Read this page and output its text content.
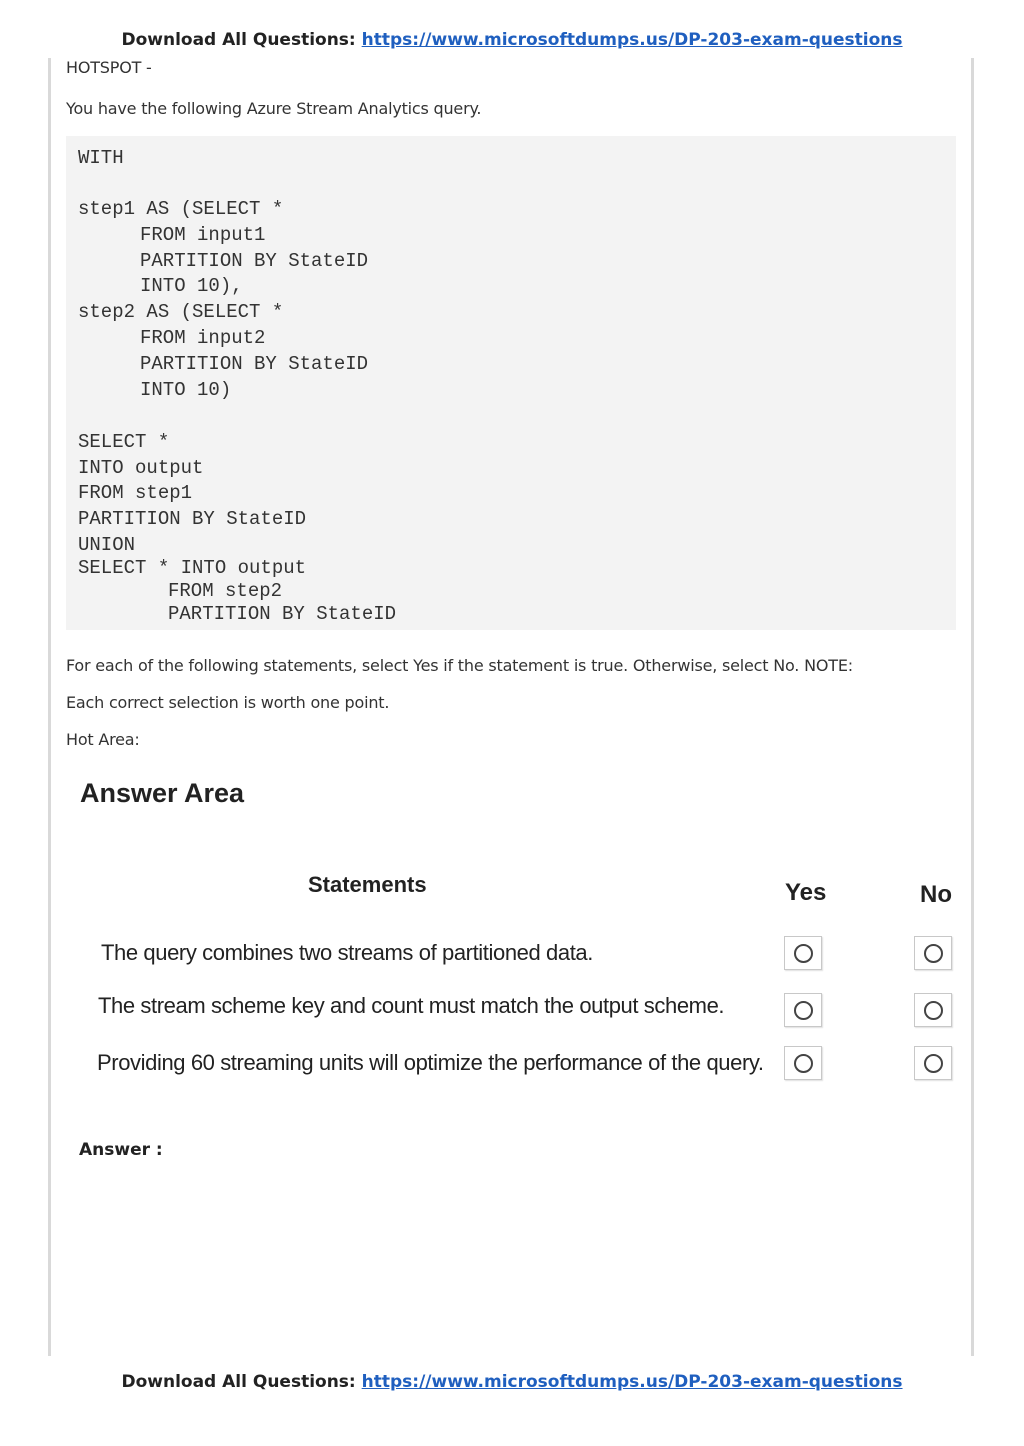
Download All Questions: https://www.microsoftdumps.us/DP-203-exam-questions
HOTSPOT -
You have the following Azure Stream Analytics query.
WITH
step1 AS (SELECT *
FROM input1
PARTITION BY StateID
INTO 10),
step2 AS (SELECT *
FROM input2
PARTITION BY StateID
INTO 10)
SELECT *
INTO output
FROM step1
PARTITION BY StateID
UNION
SELECT * INTO output
FROM step2
PARTITION BY StateID
For each of the following statements, select Yes if the statement is true. Otherwise, select No. NOTE:
Each correct selection is worth one point.
Hot Area:
Answer Area
Statements	Yes	No
The query combines two streams of partitioned data.
The stream scheme key and count must match the output scheme.
Providing 60 streaming units will optimize the performance of the query.
Answer :
Download All Questions: https://www.microsoftdumps.us/DP-203-exam-questions
